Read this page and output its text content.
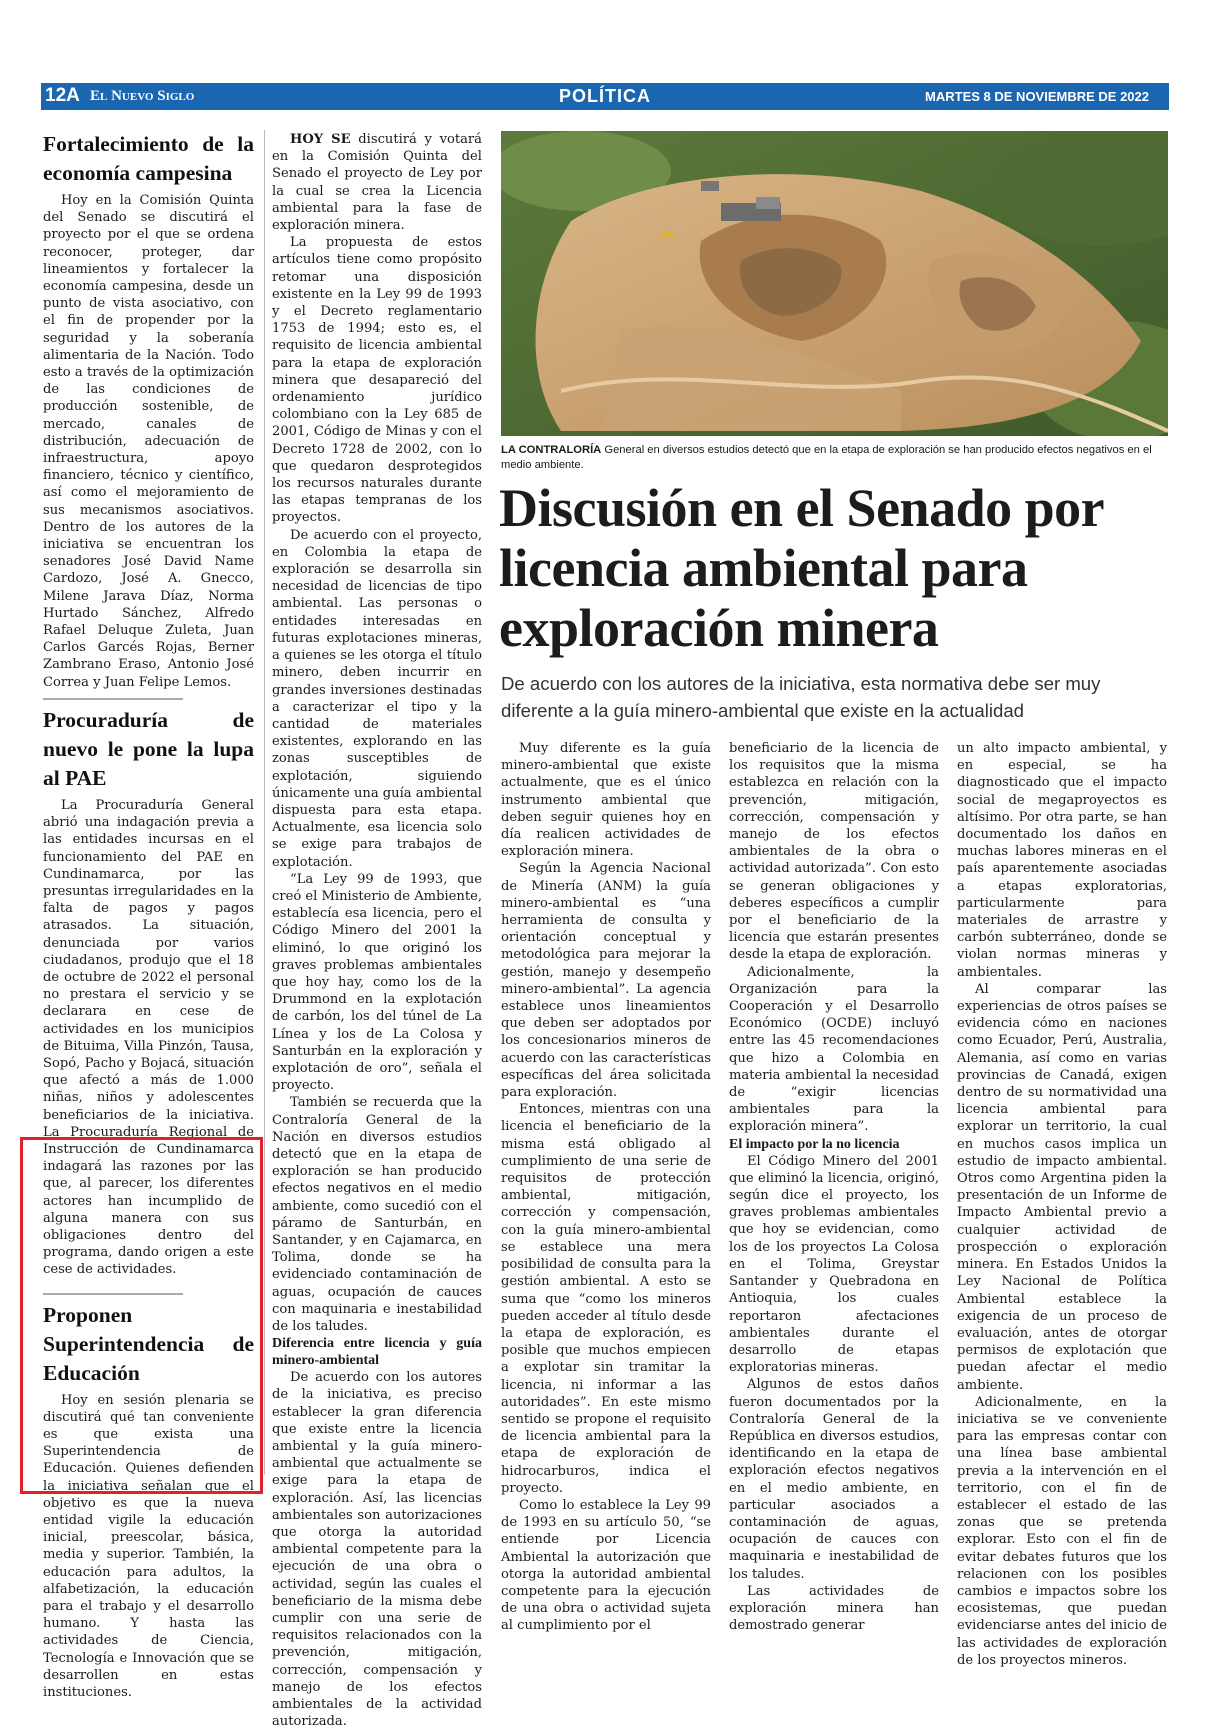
12A El Nuevo Siglo	POLÍTICA	MARTES 8 DE NOVIEMBRE DE 2022
Fortalecimiento de la economía campesina

Hoy en la Comisión Quinta del Senado se discutirá el proyecto por el que se ordena reconocer, proteger, dar lineamientos y fortalecer la economía campesina, desde un punto de vista asociativo, con el fin de propender por la seguridad y la soberanía alimentaria de la Nación. Todo esto a través de la optimización de las condiciones de producción sostenible, de mercado, canales de distribución, adecuación de infraestructura, apoyo financiero, técnico y científico, así como el mejoramiento de sus mecanismos asociativos. Dentro de los autores de la iniciativa se encuentran los senadores José David Name Cardozo, José A. Gnecco, Milene Jarava Díaz, Norma Hurtado Sánchez, Alfredo Rafael Deluque Zuleta, Juan Carlos Garcés Rojas, Berner Zambrano Eraso, Antonio José Correa y Juan Felipe Lemos.

Procuraduría de nuevo le pone la lupa al PAE

La Procuraduría General abrió una indagación previa a las entidades incursas en el funcionamiento del PAE en Cundinamarca, por las presuntas irregularidades en la falta de pagos y pagos atrasados. La situación, denunciada por varios ciudadanos, produjo que el 18 de octubre de 2022 el personal no prestara el servicio y se declarara en cese de actividades en los municipios de Bituima, Villa Pinzón, Tausa, Sopó, Pacho y Bojacá, situación que afectó a más de 1.000 niñas, niños y adolescentes beneficiarios de la iniciativa. La Procuraduría Regional de Instrucción de Cundinamarca indagará las razones por las que, al parecer, los diferentes actores han incumplido de alguna manera con sus obligaciones dentro del programa, dando origen a este cese de actividades.

Proponen Superintendencia de Educación

Hoy en sesión plenaria se discutirá qué tan conveniente es que exista una Superintendencia de Educación. Quienes defienden la iniciativa señalan que el objetivo es que la nueva entidad vigile la educación inicial, preescolar, básica, media y superior. También, la educación para adultos, la alfabetización, la educación para el trabajo y el desarrollo humano. Y hasta las actividades de Ciencia, Tecnología e Innovación que se desarrollen en estas instituciones.

HOY SE discutirá y votará en la Comisión Quinta del Senado el proyecto de Ley por la cual se crea la Licencia ambiental para la fase de exploración minera.

La propuesta de estos artículos tiene como propósito retomar una disposición existente en la Ley 99 de 1993 y el Decreto reglamentario 1753 de 1994; esto es, el requisito de licencia ambiental para la etapa de exploración minera que desapareció del ordenamiento jurídico colombiano con la Ley 685 de 2001, Código de Minas y con el Decreto 1728 de 2002, con lo que quedaron desprotegidos los recursos naturales durante las etapas tempranas de los proyectos.

De acuerdo con el proyecto, en Colombia la etapa de exploración se desarrolla sin necesidad de licencias de tipo ambiental. Las personas o entidades interesadas en futuras explotaciones mineras, a quienes se les otorga el título minero, deben incurrir en grandes inversiones destinadas a caracterizar el tipo y la cantidad de materiales existentes, explorando en las zonas susceptibles de explotación, siguiendo únicamente una guía ambiental dispuesta para esta etapa. Actualmente, esa licencia solo se exige para trabajos de explotación.

“La Ley 99 de 1993, que creó el Ministerio de Ambiente, establecía esa licencia, pero el Código Minero del 2001 la eliminó, lo que originó los graves problemas ambientales que hoy hay, como los de la Drummond en la explotación de carbón, los del túnel de La Línea y los de La Colosa y Santurbán en la exploración y explotación de oro”, señala el proyecto.

También se recuerda que la Contraloría General de la Nación en diversos estudios detectó que en la etapa de exploración se han producido efectos negativos en el medio ambiente, como sucedió con el páramo de Santurbán, en Santander, y en Cajamarca, en Tolima, donde se ha evidenciado contaminación de aguas, ocupación de cauces con maquinaria e inestabilidad de los taludes.

Diferencia entre licencia y guía minero-ambiental

De acuerdo con los autores de la iniciativa, es preciso establecer la gran diferencia que existe entre la licencia ambiental y la guía minero-ambiental que actualmente se exige para la etapa de exploración. Así, las licencias ambientales son autorizaciones que otorga la autoridad ambiental competente para la ejecución de una obra o actividad, según las cuales el beneficiario de la misma debe cumplir con una serie de requisitos relacionados con la prevención, mitigación, corrección, compensación y manejo de los efectos ambientales de la actividad autorizada.

LA CONTRALORÍA General en diversos estudios detectó que en la etapa de exploración se han producido efectos negativos en el medio ambiente.
Discusión en el Senado por licencia ambiental para exploración minera
De acuerdo con los autores de la iniciativa, esta normativa debe ser muy diferente a la guía minero-ambiental que existe en la actualidad

Muy diferente es la guía minero-ambiental que existe actualmente, que es el único instrumento ambiental que deben seguir quienes hoy en día realicen actividades de exploración minera.

Según la Agencia Nacional de Minería (ANM) la guía minero-ambiental es “una herramienta de consulta y orientación conceptual y metodológica para mejorar la gestión, manejo y desempeño minero-ambiental”. La agencia establece unos lineamientos que deben ser adoptados por los concesionarios mineros de acuerdo con las características específicas del área solicitada para exploración.

Entonces, mientras con una licencia el beneficiario de la misma está obligado al cumplimiento de una serie de requisitos de protección ambiental, mitigación, corrección y compensación, con la guía minero-ambiental se establece una mera posibilidad de consulta para la gestión ambiental. A esto se suma que “como los mineros pueden acceder al título desde la etapa de exploración, es posible que muchos empiecen a explotar sin tramitar la licencia, ni informar a las autoridades”. En este mismo sentido se propone el requisito de licencia ambiental para la etapa de exploración de hidrocarburos, indica el proyecto.

Como lo establece la Ley 99 de 1993 en su artículo 50, “se entiende por Licencia Ambiental la autorización que otorga la autoridad ambiental competente para la ejecución de una obra o actividad sujeta al cumplimiento por el

beneficiario de la licencia de los requisitos que la misma establezca en relación con la prevención, mitigación, corrección, compensación y manejo de los efectos ambientales de la obra o actividad autorizada”. Con esto se generan obligaciones y deberes específicos a cumplir por el beneficiario de la licencia que estarán presentes desde la etapa de exploración.

Adicionalmente, la Organización para la Cooperación y el Desarrollo Económico (OCDE) incluyó entre las 45 recomendaciones que hizo a Colombia en materia ambiental la necesidad de “exigir licencias ambientales para la exploración minera”.

El impacto por la no licencia

El Código Minero del 2001 que eliminó la licencia, originó, según dice el proyecto, los graves problemas ambientales que hoy se evidencian, como los de los proyectos La Colosa en el Tolima, Greystar Santander y Quebradona en Antioquia, los cuales reportaron afectaciones ambientales durante el desarrollo de etapas exploratorias mineras.

Algunos de estos daños fueron documentados por la Contraloría General de la República en diversos estudios, identificando en la etapa de exploración efectos negativos en el medio ambiente, en particular asociados a contaminación de aguas, ocupación de cauces con maquinaria e inestabilidad de los taludes.

Las actividades de exploración minera han demostrado generar

un alto impacto ambiental, y en especial, se ha diagnosticado que el impacto social de megaproyectos es altísimo. Por otra parte, se han documentado los daños en muchas labores mineras en el país aparentemente asociadas a etapas exploratorias, particularmente para materiales de arrastre y carbón subterráneo, donde se violan normas mineras y ambientales.

Al comparar las experiencias de otros países se evidencia cómo en naciones como Ecuador, Perú, Australia, Alemania, así como en varias provincias de Canadá, exigen dentro de su normatividad una licencia ambiental para explorar un territorio, la cual en muchos casos implica un estudio de impacto ambiental. Otros como Argentina piden la presentación de un Informe de Impacto Ambiental previo a cualquier actividad de prospección o exploración minera. En Estados Unidos la Ley Nacional de Política Ambiental establece la exigencia de un proceso de evaluación, antes de otorgar permisos de explotación que puedan afectar el medio ambiente.

Adicionalmente, en la iniciativa se ve conveniente para las empresas contar con una línea base ambiental previa a la intervención en el territorio, con el fin de establecer el estado de las zonas que se pretenda explorar. Esto con el fin de evitar debates futuros que los relacionen con los posibles cambios e impactos sobre los ecosistemas, que puedan evidenciarse antes del inicio de las actividades de exploración de los proyectos mineros.
